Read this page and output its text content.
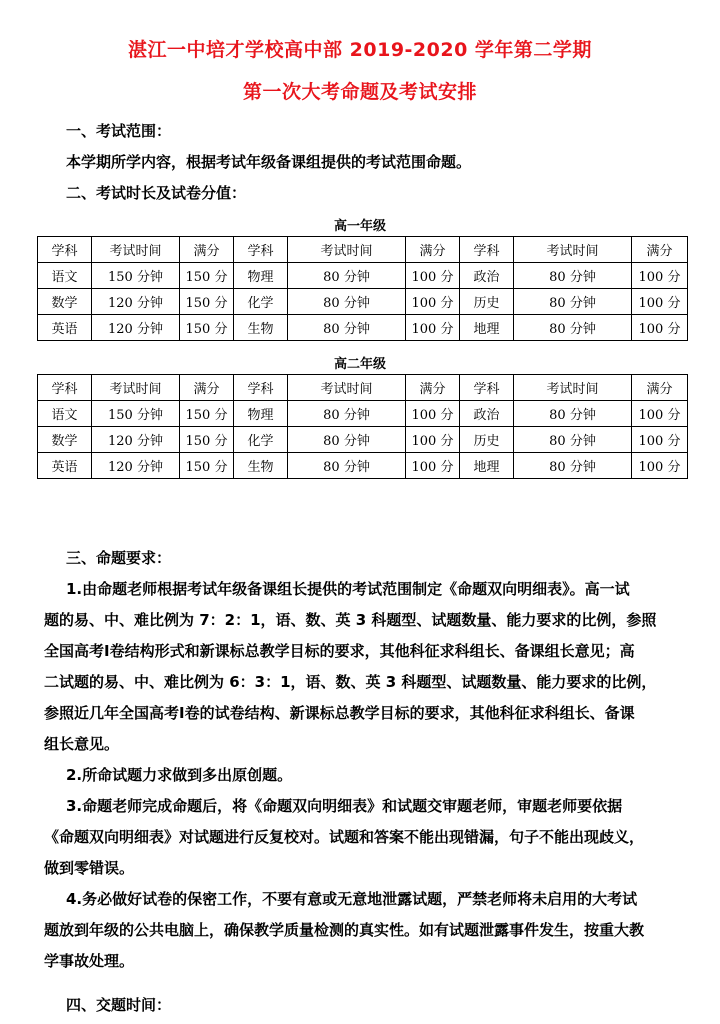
湛江一中培才学校高中部 2019-2020 学年第二学期
第一次大考命题及考试安排
一、考试范围：
本学期所学内容，根据考试年级备课组提供的考试范围命题。
二、考试时长及试卷分值：
高一年级
学科	考试时间	满分	学科	考试时间	满分	学科	考试时间	满分
语文	150 分钟	150 分	物理	80 分钟	100 分	政治	80 分钟	100 分
数学	120 分钟	150 分	化学	80 分钟	100 分	历史	80 分钟	100 分
英语	120 分钟	150 分	生物	80 分钟	100 分	地理	80 分钟	100 分
高二年级
学科	考试时间	满分	学科	考试时间	满分	学科	考试时间	满分
语文	150 分钟	150 分	物理	80 分钟	100 分	政治	80 分钟	100 分
数学	120 分钟	150 分	化学	80 分钟	100 分	历史	80 分钟	100 分
英语	120 分钟	150 分	生物	80 分钟	100 分	地理	80 分钟	100 分
三、命题要求：
1.由命题老师根据考试年级备课组长提供的考试范围制定《命题双向明细表》。高一试
题的易、中、难比例为 7：2：1，语、数、英 3 科题型、试题数量、能力要求的比例，参照
全国高考Ⅰ卷结构形式和新课标总教学目标的要求，其他科征求科组长、备课组长意见；高
二试题的易、中、难比例为 6：3：1，语、数、英 3 科题型、试题数量、能力要求的比例，
参照近几年全国高考Ⅰ卷的试卷结构、新课标总教学目标的要求，其他科征求科组长、备课
组长意见。
2.所命试题力求做到多出原创题。
3.命题老师完成命题后，将《命题双向明细表》和试题交审题老师，审题老师要依据
《命题双向明细表》对试题进行反复校对。试题和答案不能出现错漏，句子不能出现歧义，
做到零错误。
4.务必做好试卷的保密工作，不要有意或无意地泄露试题，严禁老师将未启用的大考试
题放到年级的公共电脑上，确保教学质量检测的真实性。如有试题泄露事件发生，按重大教
学事故处理。
四、交题时间：
